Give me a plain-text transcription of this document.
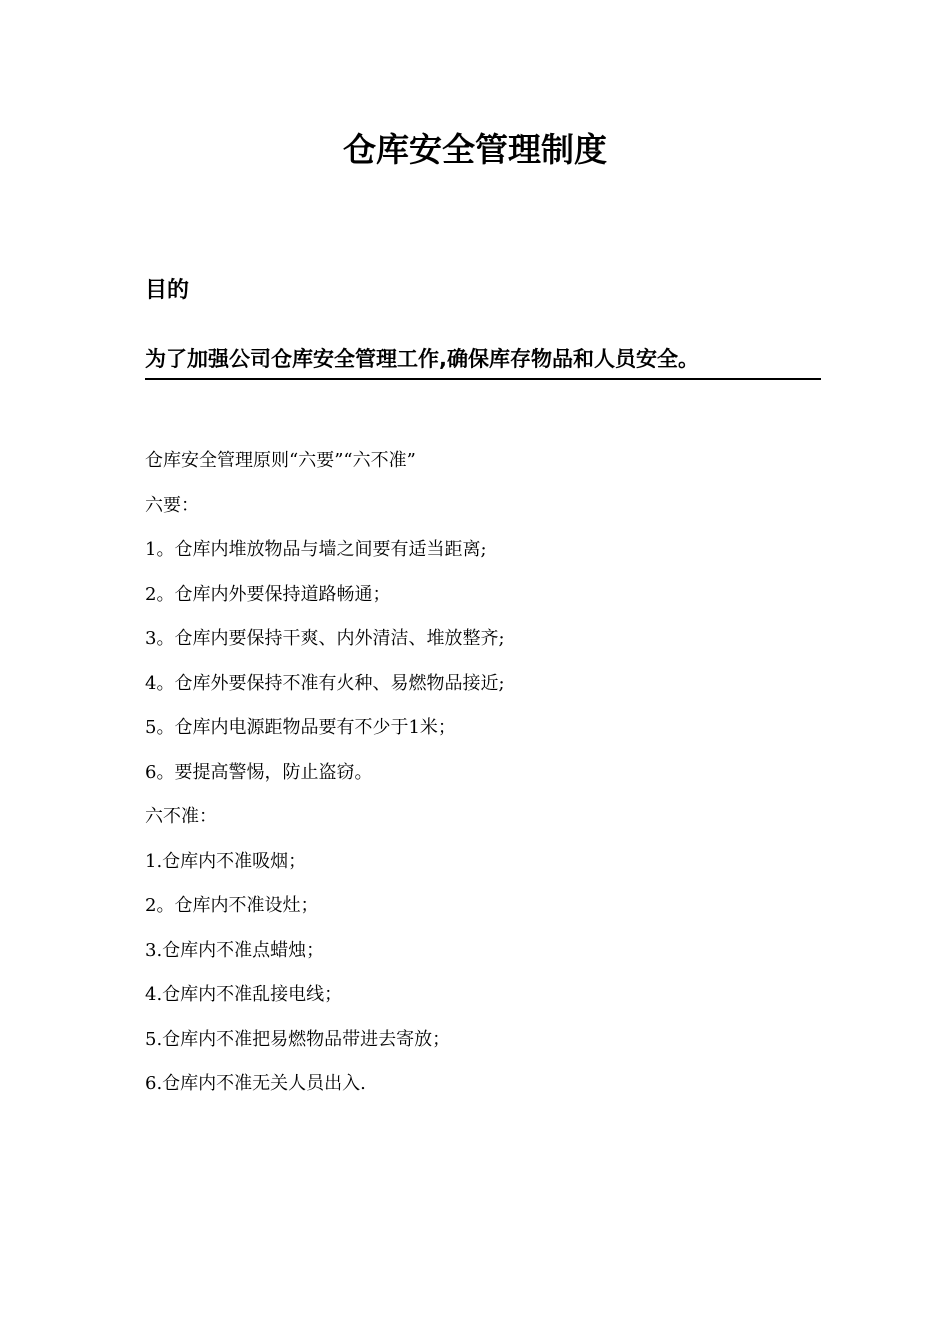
仓库安全管理制度
目的

为了加强公司仓库安全管理工作,确保库存物品和人员安全。

仓库安全管理原则“六要”“六不准”
六要：
1。仓库内堆放物品与墙之间要有适当距离;
2。仓库内外要保持道路畅通；
3。仓库内要保持干爽、内外清洁、堆放整齐;
4。仓库外要保持不准有火种、易燃物品接近;
5。仓库内电源距物品要有不少于1米；
6。要提高警惕，防止盗窃。
六不准：
1.仓库内不准吸烟；
2。仓库内不准设灶；
3.仓库内不准点蜡烛；
4.仓库内不准乱接电线；
5.仓库内不准把易燃物品带进去寄放；
6.仓库内不准无关人员出入.
